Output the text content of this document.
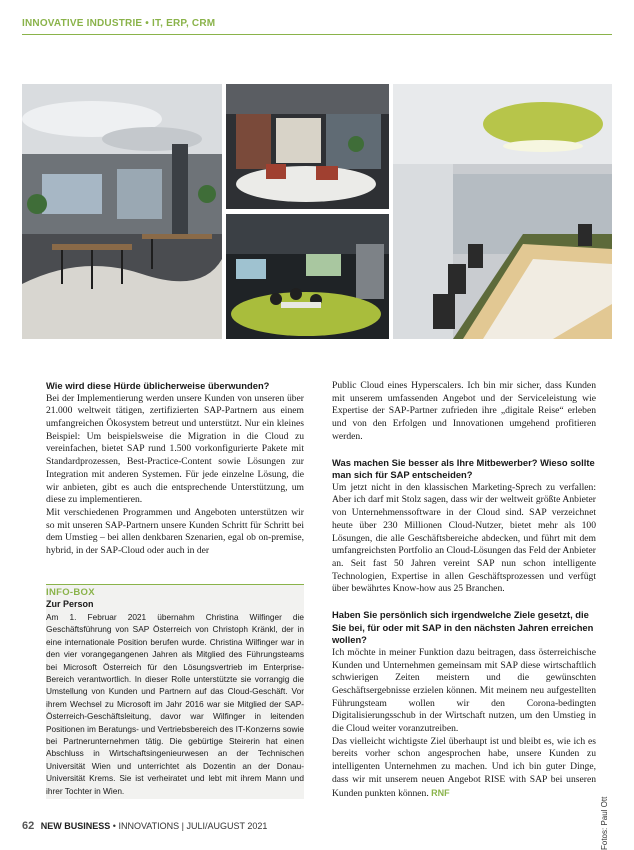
INNOVATIVE INDUSTRIE • IT, ERP, CRM

Wie wird diese Hürde üblicherweise überwunden?

Bei der Implementierung werden unsere Kunden von unseren über 21.000 weltweit tätigen, zertifizierten SAP-Partnern aus einem umfangreichen Ökosystem betreut und unterstützt. Nur ein kleines Beispiel: Um beispielsweise die Migration in die Cloud zu vereinfachen, bietet SAP rund 1.500 vorkonfigurierte Pakete mit Standardprozessen, Best-Practice-Content sowie Lösungen zur Integration mit anderen Systemen. Für jede einzelne Lösung, die wir anbieten, gibt es auch die entsprechende Unterstützung, um diese zu implementieren.

Mit verschiedenen Programmen und Angeboten unterstützen wir so mit unseren SAP-Partnern unsere Kunden Schritt für Schritt bei dem Umstieg – bei allen denkbaren Szenarien, egal ob on-premise, hybrid, in der SAP-Cloud oder auch in der

INFO-BOX
Zur Person
Am 1. Februar 2021 übernahm Christina Wilfinger die Geschäftsführung von SAP Österreich von Christoph Kränkl, der in eine internationale Position berufen wurde. Christina Wilfinger war in den vier vorangegangenen Jahren als Mitglied des Führungsteams bei Microsoft Österreich für den Lösungsvertrieb im Enterprise-Bereich verantwortlich. In dieser Rolle unterstützte sie vorrangig die Umstellung von Kunden und Partnern auf das Cloud-Geschäft. Vor ihrem Wechsel zu Microsoft im Jahr 2016 war sie Mitglied der SAP-Österreich-Geschäftsleitung, davor war Wilfinger in leitenden Positionen im Beratungs- und Vertriebsbereich des IT-Konzerns sowie bei Partnerunternehmen tätig. Die gebürtige Steirerin hat einen Abschluss in Wirtschaftsingenieurwesen an der Technischen Universität Wien und unterrichtet als Dozentin an der Donau-Universität Krems. Sie ist verheiratet und lebt mit ihrem Mann und ihrer Tochter in Wien.

Public Cloud eines Hyperscalers. Ich bin mir sicher, dass Kunden mit unserem umfassenden Angebot und der Serviceleistung wie Expertise der SAP-Partner zufrieden ihre „digitale Reise“ erleben und von den Erfolgen und Innovationen umgehend profitieren werden.

Was machen Sie besser als Ihre Mitbewerber? Wieso sollte man sich für SAP entscheiden?

Um jetzt nicht in den klassischen Marketing-Sprech zu verfallen: Aber ich darf mit Stolz sagen, dass wir der weltweit größte Anbieter von Unternehmenssoftware in der Cloud sind. SAP verzeichnet heute über 230 Millionen Cloud-Nutzer, bietet mehr als 100 Lösungen, die alle Geschäftsbereiche abdecken, und führt mit dem umfangreichsten Portfolio an Cloud-Lösungen das Feld der Anbieter an. Seit fast 50 Jahren vereint SAP nun schon intelligente Technologien, Expertise in allen Geschäftsprozessen und verfügt über bewährtes Know-how aus 25 Branchen.

Haben Sie persönlich sich irgendwelche Ziele gesetzt, die Sie bei, für oder mit SAP in den nächsten Jahren erreichen wollen?

Ich möchte in meiner Funktion dazu beitragen, dass österreichische Kunden und Unternehmen gemeinsam mit SAP diese wirtschaftlich schwierigen Zeiten meistern und die gewünschten Geschäftsergebnisse erzielen können. Mit meinem neu aufgestellten Führungsteam wollen wir den Corona-bedingten Digitalisierungsschub in der Wirtschaft nutzen, um den Umstieg in die Cloud weiter voranzutreiben.

Das vielleicht wichtigste Ziel überhaupt ist und bleibt es, wie ich es bereits vorher schon angesprochen habe, unsere Kunden zu intelligenten Unternehmen zu machen. Und ich bin guter Dinge, dass wir mit unserem neuen Angebot RISE with SAP bei unseren Kunden punkten können. RNF

Fotos: Paul Ott
62 NEW BUSINESS • INNOVATIONS | JULI/AUGUST 2021
